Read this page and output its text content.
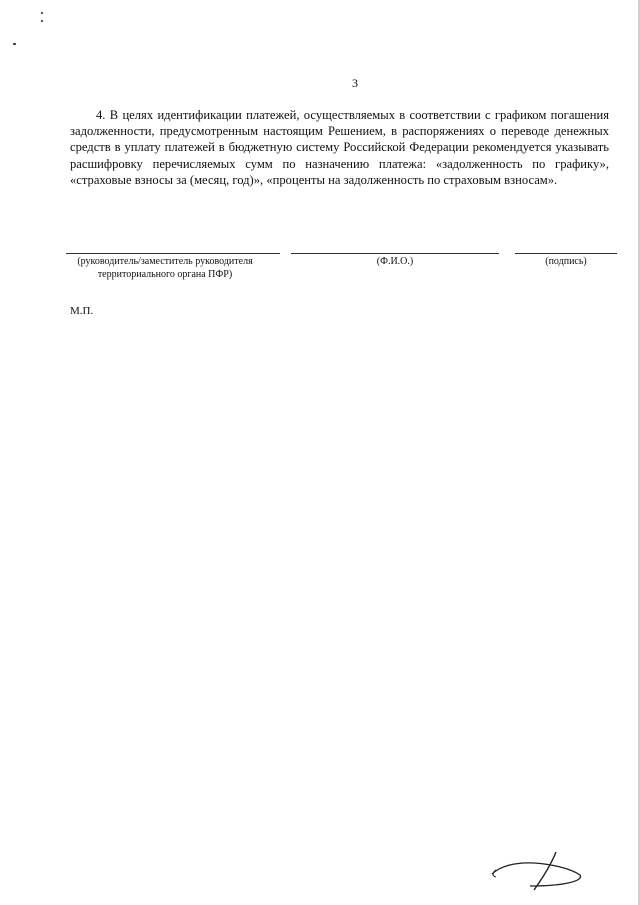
3

4. В целях идентификации платежей, осуществляемых в соответствии с графиком погашения задолженности, предусмотренным настоящим Решением, в распоряжениях о переводе денежных средств в уплату платежей в бюджетную систему Российской Федерации рекомендуется указывать расшифровку перечисляемых сумм по назначению платежа: «задолженность по графику», «страховые взносы за (месяц, год)», «проценты на задолженность по страховым взносам».

(руководитель/заместитель руководителя территориального органа ПФР)
(Ф.И.О.)	(подпись)
М.П.
